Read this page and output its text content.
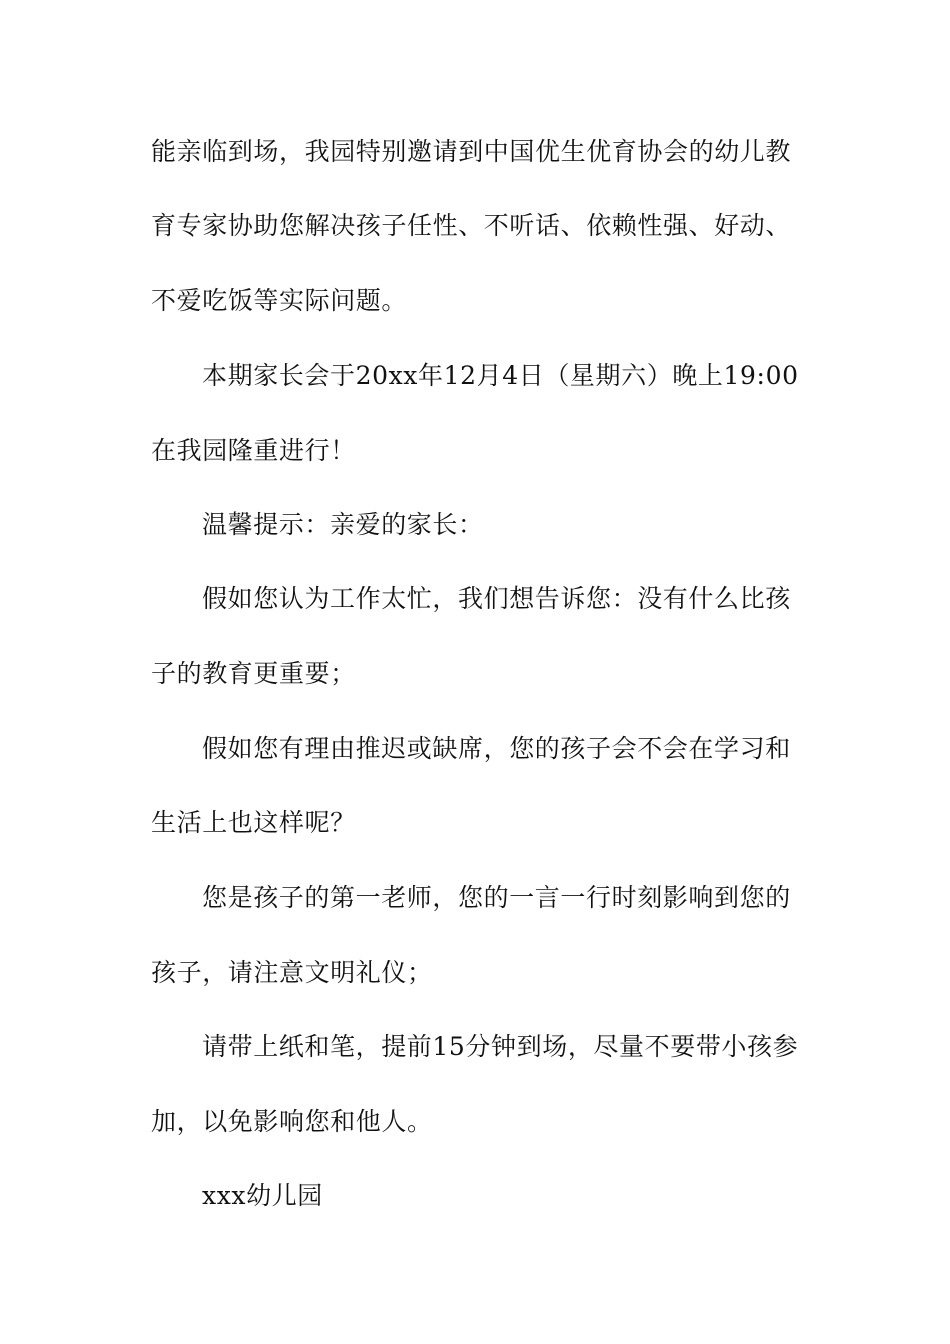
能亲临到场，我园特别邀请到中国优生优育协会的幼儿教
育专家协助您解决孩子任性、不听话、依赖性强、好动、
不爱吃饭等实际问题。
本期家长会于20xx年12月4日（星期六）晚上19:00
在我园隆重进行！
温馨提示：亲爱的家长：
假如您认为工作太忙，我们想告诉您：没有什么比孩
子的教育更重要；
假如您有理由推迟或缺席，您的孩子会不会在学习和
生活上也这样呢？
您是孩子的第一老师，您的一言一行时刻影响到您的
孩子，请注意文明礼仪；
请带上纸和笔，提前15分钟到场，尽量不要带小孩参
加，以免影响您和他人。
xxx幼儿园
